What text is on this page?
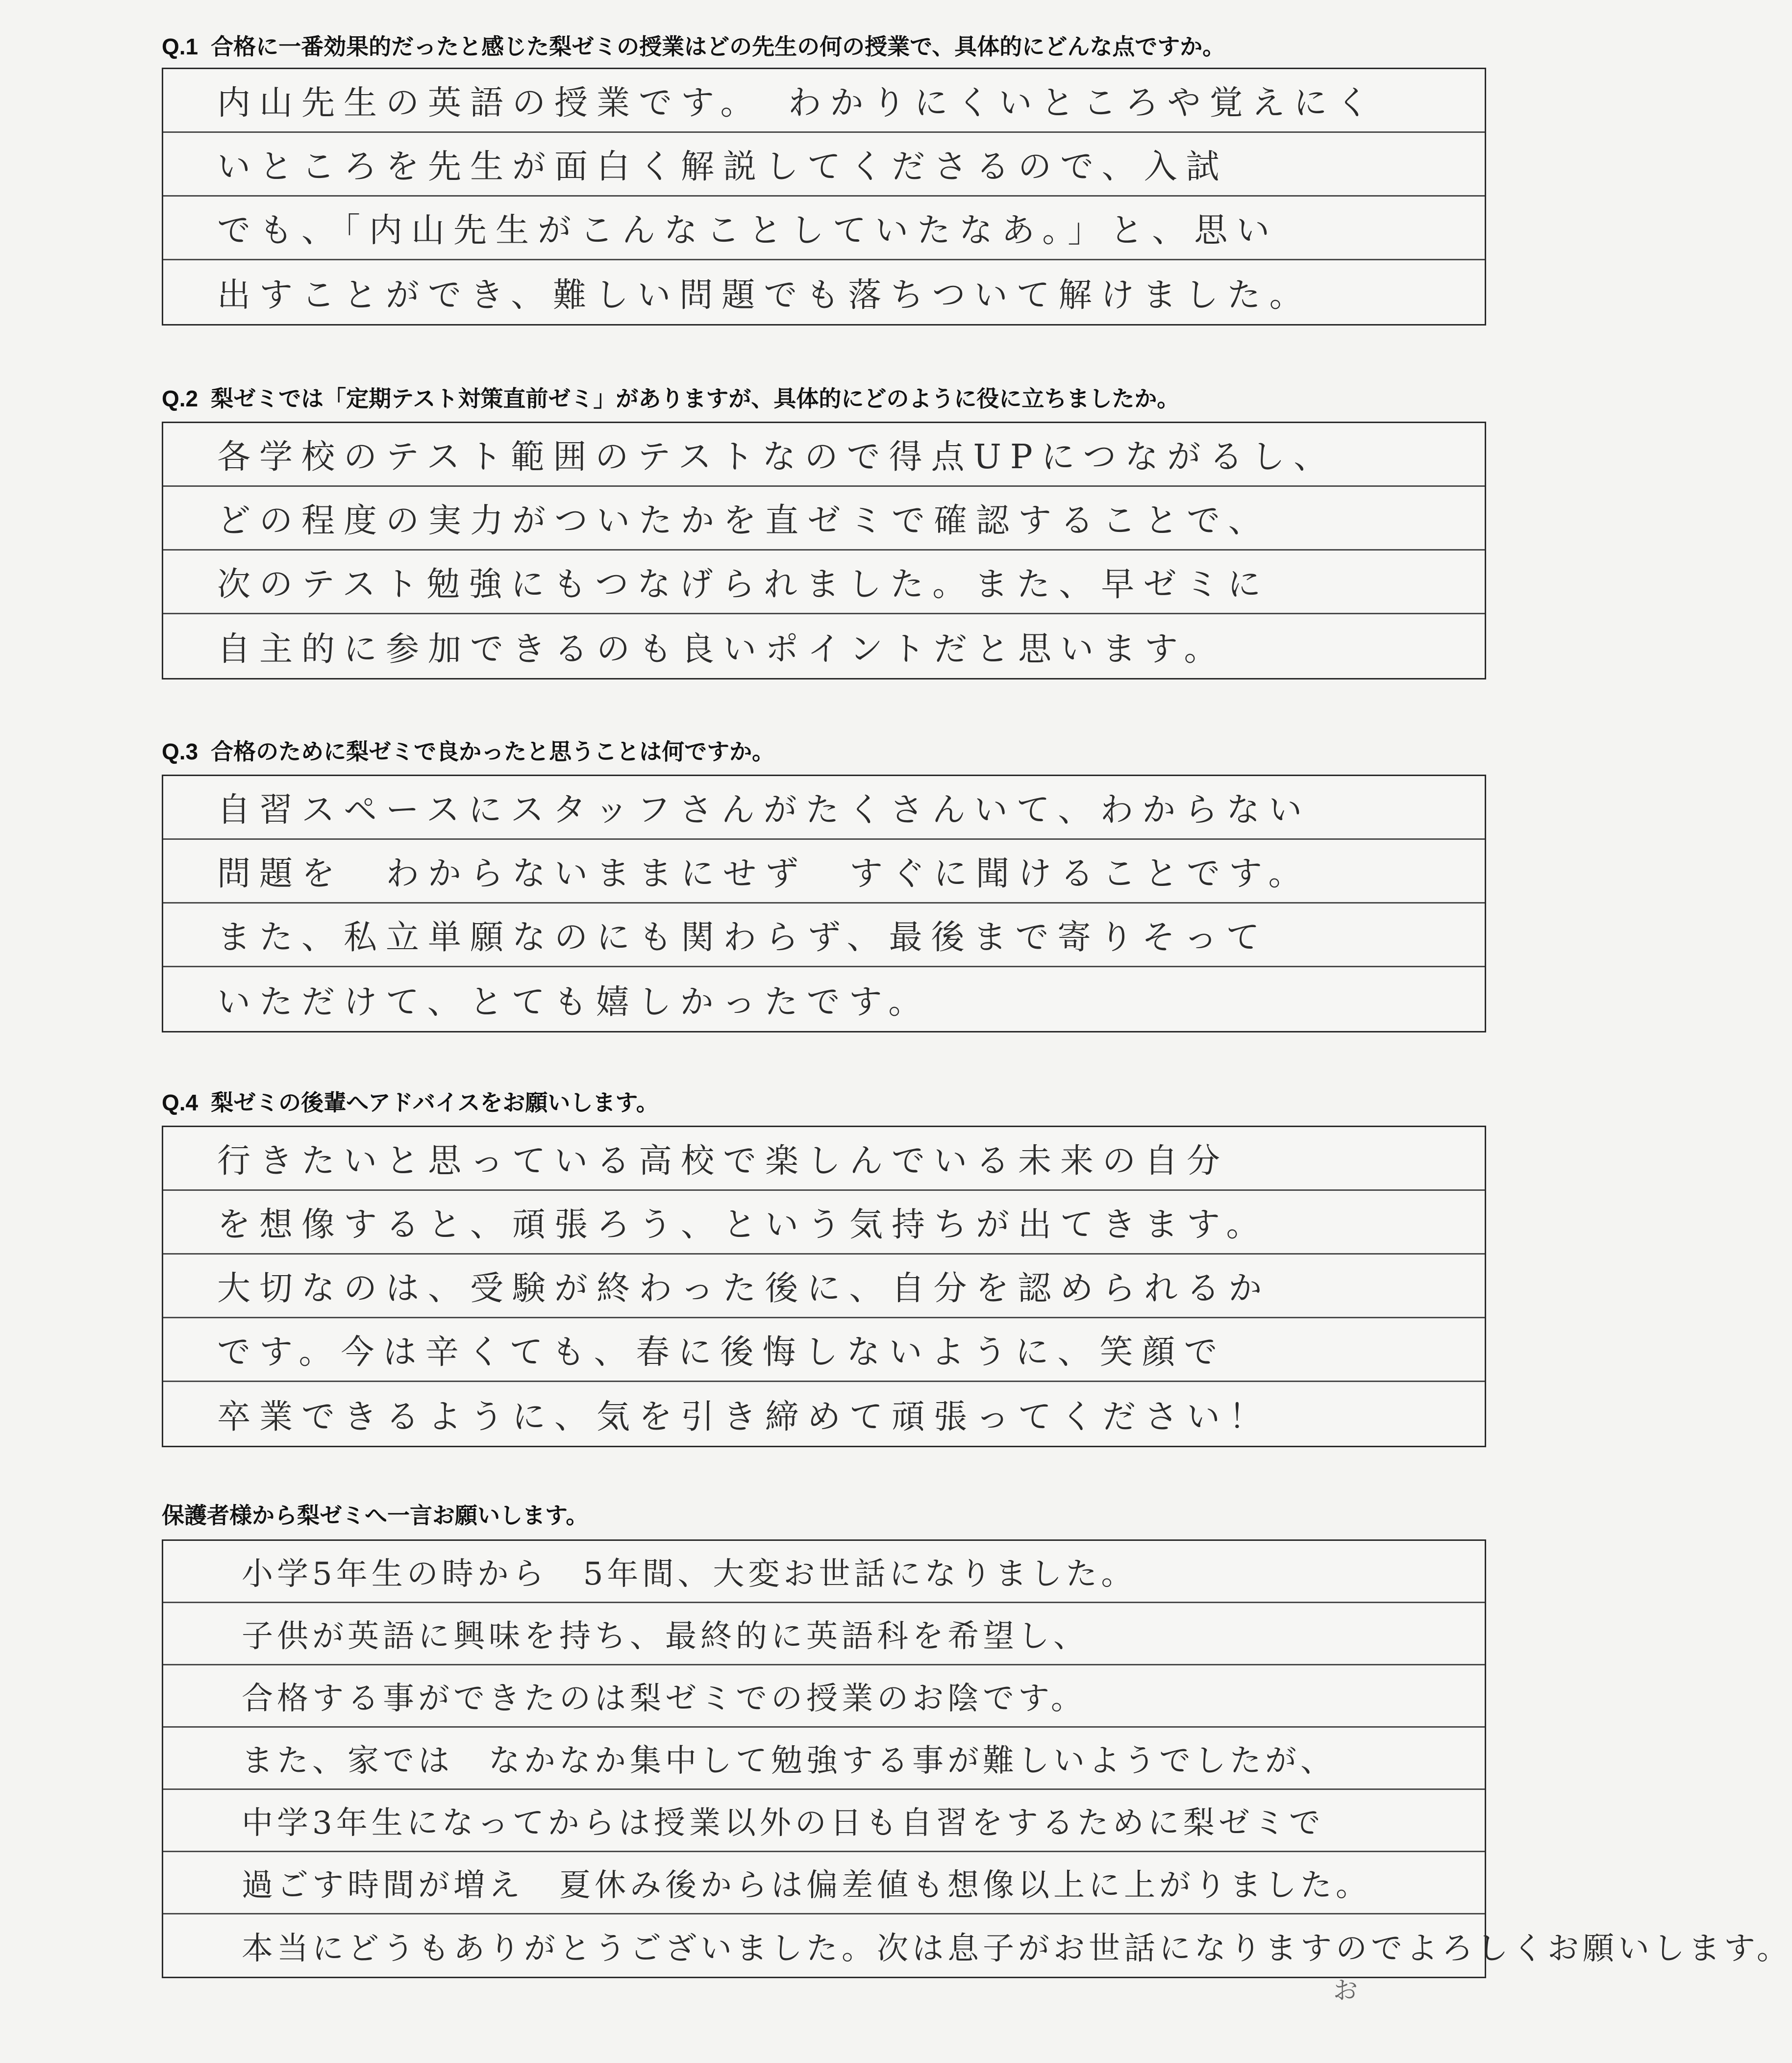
Q.1 合格に一番効果的だったと感じた梨ゼミの授業はどの先生の何の授業で、具体的にどんな点ですか。
内山先生の英語の授業です。　わかりにくいところや覚えにく
いところを先生が面白く解説してくださるので、入試
でも、「内山先生がこんなことしていたなあ。」と、思い
出すことができ、難しい問題でも落ちついて解けました。
Q.2 梨ゼミでは「定期テスト対策直前ゼミ」がありますが、具体的にどのように役に立ちましたか。
各学校のテスト範囲のテストなので得点UPにつながるし、
どの程度の実力がついたかを直ゼミで確認することで、
次のテスト勉強にもつなげられました。また、早ゼミに
自主的に参加できるのも良いポイントだと思います。
Q.3 合格のために梨ゼミで良かったと思うことは何ですか。
自習スペースにスタッフさんがたくさんいて、わからない
問題を　わからないままにせず　すぐに聞けることです。
また、私立単願なのにも関わらず、最後まで寄りそって
いただけて、とても嬉しかったです。
Q.4 梨ゼミの後輩へアドバイスをお願いします。
行きたいと思っている高校で楽しんでいる未来の自分
を想像すると、頑張ろう、という気持ちが出てきます。
大切なのは、受験が終わった後に、自分を認められるか
です。今は辛くても、春に後悔しないように、笑顔で
卒業できるように、気を引き締めて頑張ってください！
保護者様から梨ゼミへ一言お願いします。
小学5年生の時から　5年間、大変お世話になりました。
子供が英語に興味を持ち、最終的に英語科を希望し、
合格する事ができたのは梨ゼミでの授業のお陰です。
また、家では　なかなか集中して勉強する事が難しいようでしたが、
中学3年生になってからは授業以外の日も自習をするために梨ゼミで
過ごす時間が増え　夏休み後からは偏差値も想像以上に上がりました。
本当にどうもありがとうございました。次は息子がお世話になりますのでよろしくお願いします。
お
